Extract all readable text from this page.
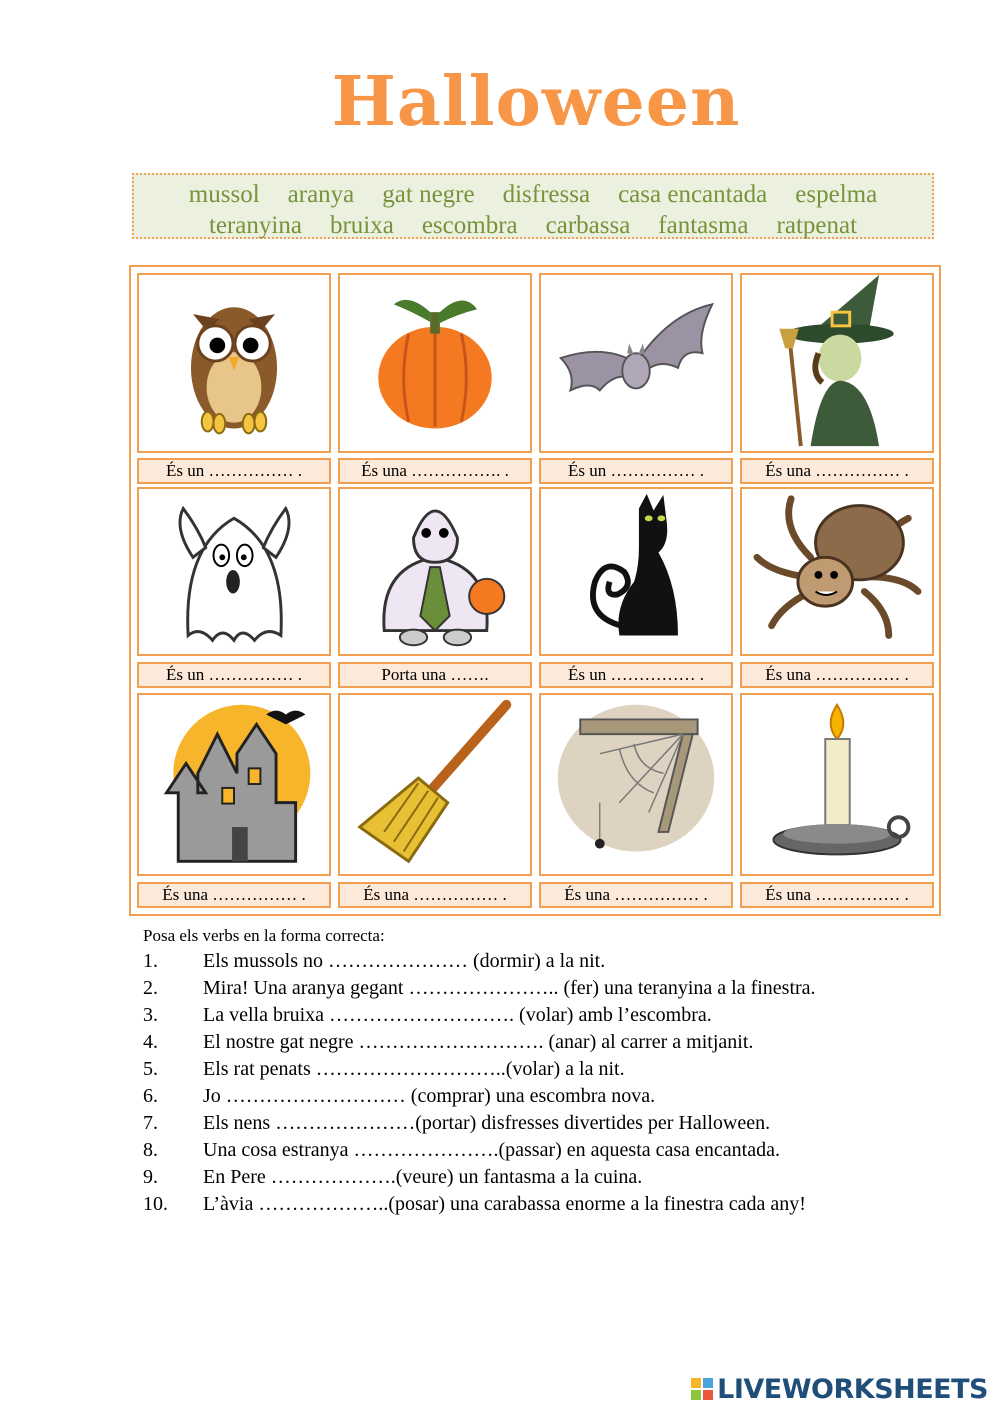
Halloween
mussol aranya gat negre disfressa casa encantada espelma
teranyina bruixa escombra carbassa fantasma ratpenat
És un …………… .	És una ……………. .	És un …………… .	És una …………… .
És un …………… .	Porta una …….	És un …………… .	És una …………… .
És una …………… .	És una …………… .	És una …………… .	És una …………… .
Posa els verbs en la forma correcta:
1. Els mussols no ………………… (dormir) a la nit.
2. Mira! Una aranya gegant ………………….. (fer) una teranyina a la finestra.
3. La vella bruixa ………………………. (volar) amb l’escombra.
4. El nostre gat negre ………………………. (anar) al carrer a mitjanit.
5. Els rat penats ………………………..(volar) a la nit.
6. Jo ……………………… (comprar) una escombra nova.
7. Els nens …………………(portar) disfresses divertides per Halloween.
8. Una cosa estranya ………………….(passar) en aquesta casa encantada.
9. En Pere ……………….(veure) un fantasma a la cuina.
10. L’àvia ………………..(posar) una carabassa enorme a la finestra cada any!
LIVEWORKSHEETS
